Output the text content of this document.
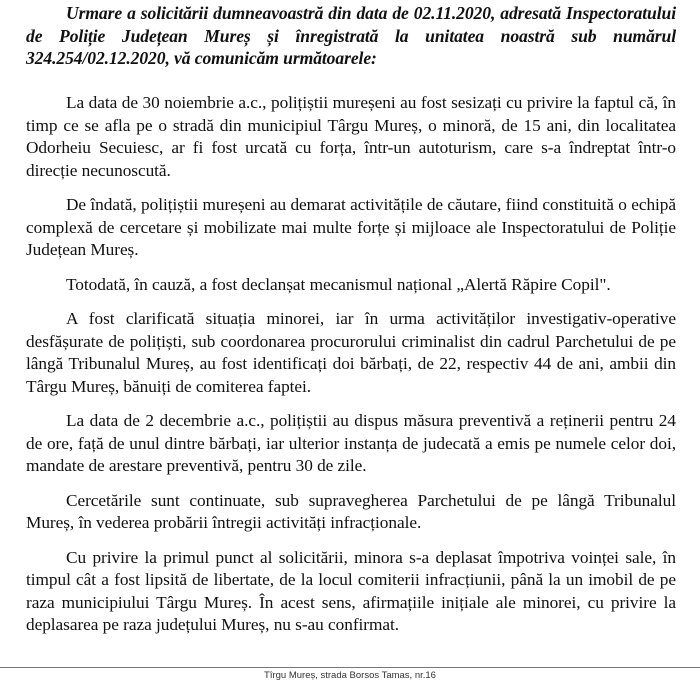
Urmare a solicitării dumneavoastră din data de 02.11.2020, adresată Inspectoratului de Poliție Județean Mureș și înregistrată la unitatea noastră sub numărul 324.254/02.12.2020, vă comunicăm următoarele:

La data de 30 noiembrie a.c., polițiștii mureșeni au fost sesizați cu privire la faptul că, în timp ce se afla pe o stradă din municipiul Târgu Mureș, o minoră, de 15 ani, din localitatea Odorheiu Secuiesc, ar fi fost urcată cu forța, într-un autoturism, care s-a îndreptat într-o direcție necunoscută.

De îndată, polițiștii mureșeni au demarat activitățile de căutare, fiind constituită o echipă complexă de cercetare și mobilizate mai multe forțe și mijloace ale Inspectoratului de Poliție Județean Mureș.

Totodată, în cauză, a fost declanșat mecanismul național „Alertă Răpire Copil".

A fost clarificată situația minorei, iar în urma activităților investigativ-operative desfășurate de polițiști, sub coordonarea procurorului criminalist din cadrul Parchetului de pe lângă Tribunalul Mureș, au fost identificați doi bărbați, de 22, respectiv 44 de ani, ambii din Târgu Mureș, bănuiți de comiterea faptei.

La data de 2 decembrie a.c., polițiștii au dispus măsura preventivă a reținerii pentru 24 de ore, față de unul dintre bărbați, iar ulterior instanța de judecată a emis pe numele celor doi, mandate de arestare preventivă, pentru 30 de zile.

Cercetările sunt continuate, sub supravegherea Parchetului de pe lângă Tribunalul Mureș, în vederea probării întregii activități infracționale.

Cu privire la primul punct al solicitării, minora s-a deplasat împotriva voinței sale, în timpul cât a fost lipsită de libertate, de la locul comiterii infracțiunii, până la un imobil de pe raza municipiului Târgu Mureș. În acest sens, afirmațiile inițiale ale minorei, cu privire la deplasarea pe raza județului Mureș, nu s-au confirmat.

Tîrgu Mureș, strada Borsos Tamas, nr.16
